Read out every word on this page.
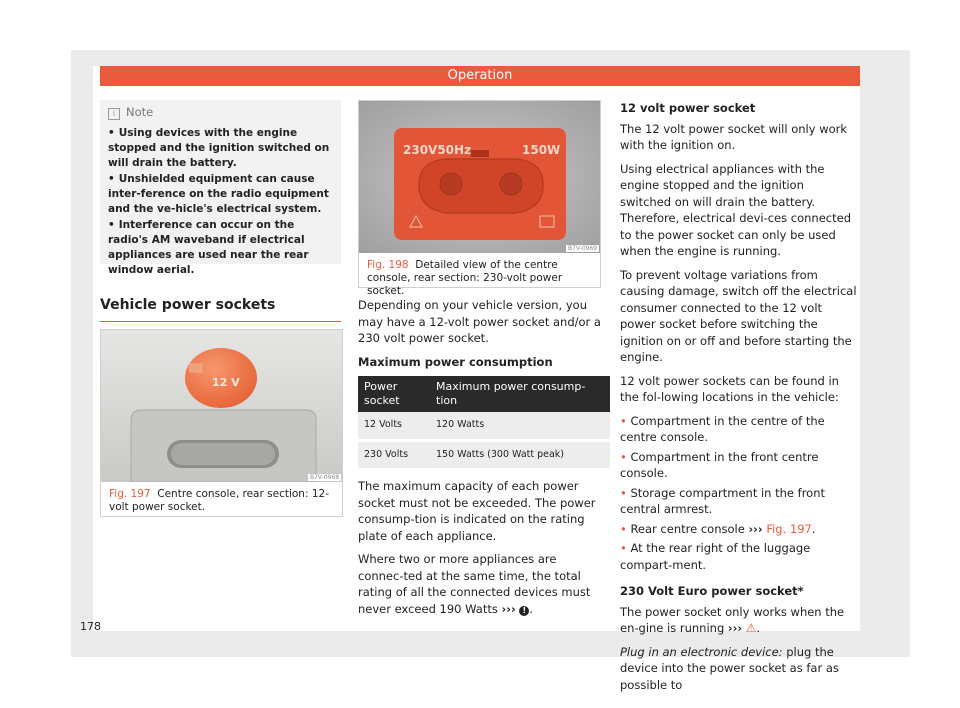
Operation
i Note
• Using devices with the engine stopped and the ignition switched on will drain the battery.
• Unshielded equipment can cause inter-ference on the radio equipment and the ve-hicle's electrical system.
• Interference can occur on the radio's AM waveband if electrical appliances are used near the rear window aerial.
Vehicle power sockets
12 V
B7V-0968
Fig. 197 Centre console, rear section: 12-volt power socket.
230V50Hz	150W
B7V-0969
Fig. 198 Detailed view of the centre console, rear section: 230-volt power socket.

Depending on your vehicle version, you may have a 12-volt power socket and/or a 230 volt power socket.

Maximum power consumption

Power socket	Maximum power consump-tion
12 Volts	120 Watts
230 Volts	150 Watts (300 Watt peak)

The maximum capacity of each power socket must not be exceeded. The power consump-tion is indicated on the rating plate of each appliance.

Where two or more appliances are connec-ted at the same time, the total rating of all the connected devices must never exceed 190 Watts ››› ! .

12 volt power socket

The 12 volt power socket will only work with the ignition on.

Using electrical appliances with the engine stopped and the ignition switched on will drain the battery. Therefore, electrical devi-ces connected to the power socket can only be used when the engine is running.

To prevent voltage variations from causing damage, switch off the electrical consumer connected to the 12 volt power socket before switching the ignition on or off and before starting the engine.

12 volt power sockets can be found in the fol-lowing locations in the vehicle:

• Compartment in the centre of the centre console.

• Compartment in the front centre console.

• Storage compartment in the front central armrest.

• Rear centre console ››› Fig. 197.

• At the rear right of the luggage compart-ment.

230 Volt Euro power socket*

The power socket only works when the en-gine is running ››› ⚠.

Plug in an electronic device: plug the device into the power socket as far as possible to

178
